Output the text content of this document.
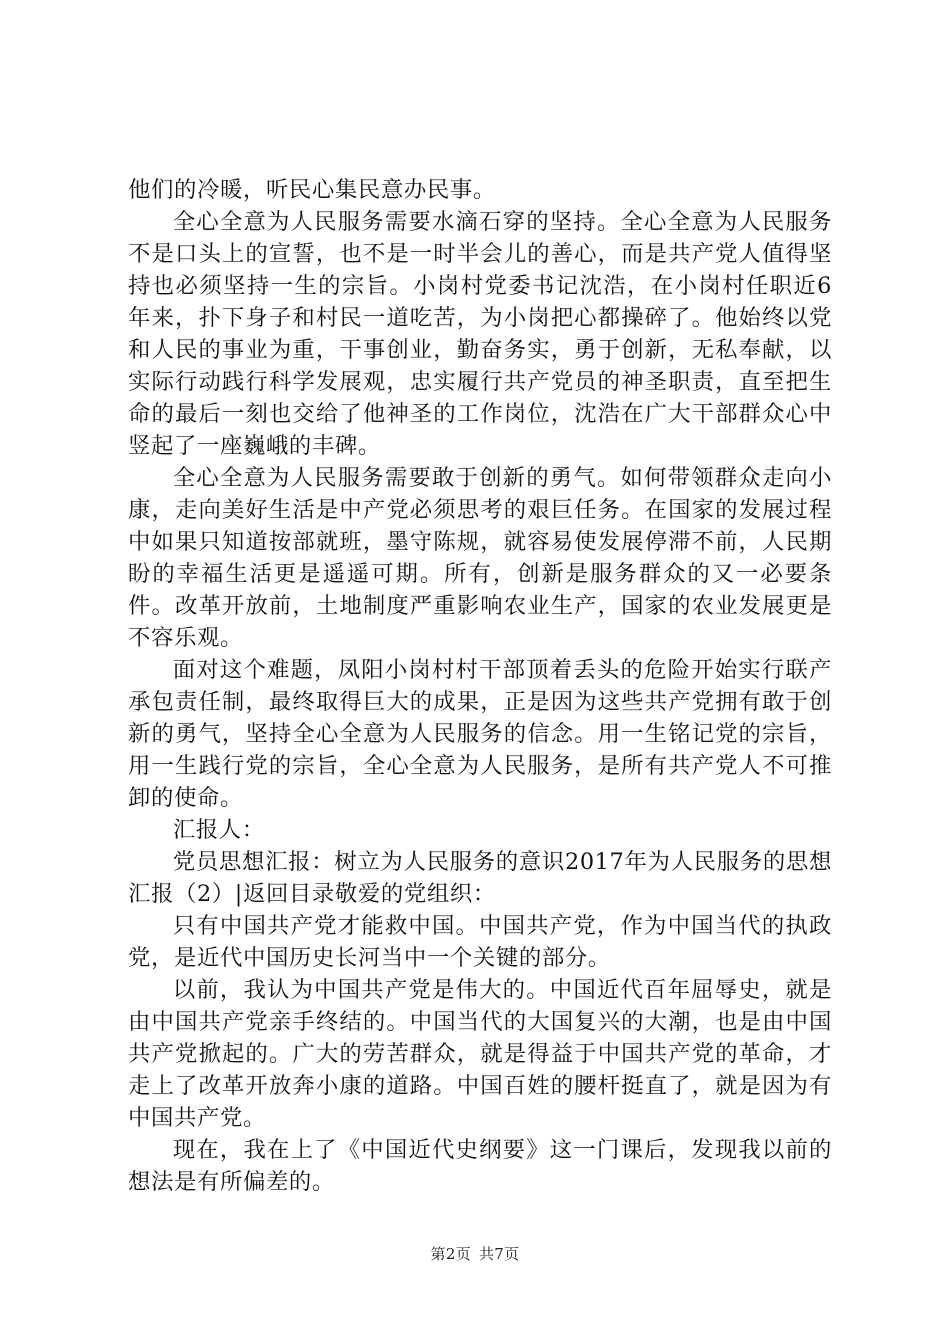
他们的冷暖，听民心集民意办民事。

全心全意为人民服务需要水滴石穿的坚持。全心全意为人民服务不是口头上的宣誓，也不是一时半会儿的善心，而是共产党人值得坚持也必须坚持一生的宗旨。小岗村党委书记沈浩，在小岗村任职近6年来，扑下身子和村民一道吃苦，为小岗把心都操碎了。他始终以党和人民的事业为重，干事创业，勤奋务实，勇于创新，无私奉献，以实际行动践行科学发展观，忠实履行共产党员的神圣职责，直至把生命的最后一刻也交给了他神圣的工作岗位，沈浩在广大干部群众心中竖起了一座巍峨的丰碑。

全心全意为人民服务需要敢于创新的勇气。如何带领群众走向小康，走向美好生活是中产党必须思考的艰巨任务。在国家的发展过程中如果只知道按部就班，墨守陈规，就容易使发展停滞不前，人民期盼的幸福生活更是遥遥可期。所有，创新是服务群众的又一必要条件。改革开放前，土地制度严重影响农业生产，国家的农业发展更是不容乐观。

面对这个难题，凤阳小岗村村干部顶着丢头的危险开始实行联产承包责任制，最终取得巨大的成果，正是因为这些共产党拥有敢于创新的勇气，坚持全心全意为人民服务的信念。用一生铭记党的宗旨，用一生践行党的宗旨，全心全意为人民服务，是所有共产党人不可推卸的使命。

汇报人：

党员思想汇报：树立为人民服务的意识2017年为人民服务的思想汇报（2）|返回目录敬爱的党组织：

只有中国共产党才能救中国。中国共产党，作为中国当代的执政党，是近代中国历史长河当中一个关键的部分。

以前，我认为中国共产党是伟大的。中国近代百年屈辱史，就是由中国共产党亲手终结的。中国当代的大国复兴的大潮，也是由中国共产党掀起的。广大的劳苦群众，就是得益于中国共产党的革命，才走上了改革开放奔小康的道路。中国百姓的腰杆挺直了，就是因为有中国共产党。

现在，我在上了《中国近代史纲要》这一门课后，发现我以前的想法是有所偏差的。

第2页 共7页
